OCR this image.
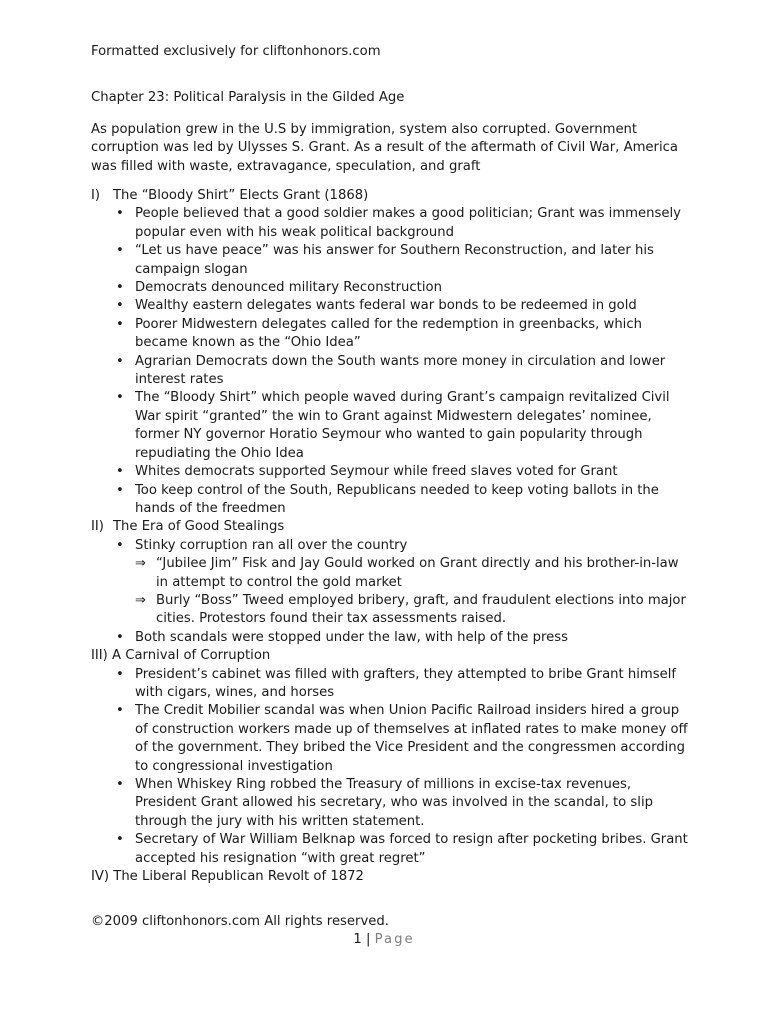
Formatted exclusively for cliftonhonors.com
Chapter 23: Political Paralysis in the Gilded Age
As population grew in the U.S by immigration, system also corrupted. Government corruption was led by Ulysses S. Grant. As a result of the aftermath of Civil War, America was filled with waste, extravagance, speculation, and graft
I) The “Bloody Shirt” Elects Grant (1868)
• People believed that a good soldier makes a good politician; Grant was immensely popular even with his weak political background
• “Let us have peace” was his answer for Southern Reconstruction, and later his campaign slogan
• Democrats denounced military Reconstruction
• Wealthy eastern delegates wants federal war bonds to be redeemed in gold
• Poorer Midwestern delegates called for the redemption in greenbacks, which became known as the “Ohio Idea”
• Agrarian Democrats down the South wants more money in circulation and lower interest rates
• The “Bloody Shirt” which people waved during Grant’s campaign revitalized Civil War spirit “granted” the win to Grant against Midwestern delegates’ nominee, former NY governor Horatio Seymour who wanted to gain popularity through repudiating the Ohio Idea
• Whites democrats supported Seymour while freed slaves voted for Grant
• Too keep control of the South, Republicans needed to keep voting ballots in the hands of the freedmen
II) The Era of Good Stealings
• Stinky corruption ran all over the country
⇒ “Jubilee Jim” Fisk and Jay Gould worked on Grant directly and his brother-in-law in attempt to control the gold market
⇒ Burly “Boss” Tweed employed bribery, graft, and fraudulent elections into major cities. Protestors found their tax assessments raised.
• Both scandals were stopped under the law, with help of the press
III)
A Carnival of Corruption
• President’s cabinet was filled with grafters, they attempted to bribe Grant himself with cigars, wines, and horses
• The Credit Mobilier scandal was when Union Pacific Railroad insiders hired a group of construction workers made up of themselves at inflated rates to make money off of the government. They bribed the Vice President and the congressmen according to congressional investigation
• When Whiskey Ring robbed the Treasury of millions in excise-tax revenues, President Grant allowed his secretary, who was involved in the scandal, to slip through the jury with his written statement.
• Secretary of War William Belknap was forced to resign after pocketing bribes. Grant accepted his resignation “with great regret”
IV)
The Liberal Republican Revolt of 1872
©2009 cliftonhonors.com All rights reserved.
1 | Page
